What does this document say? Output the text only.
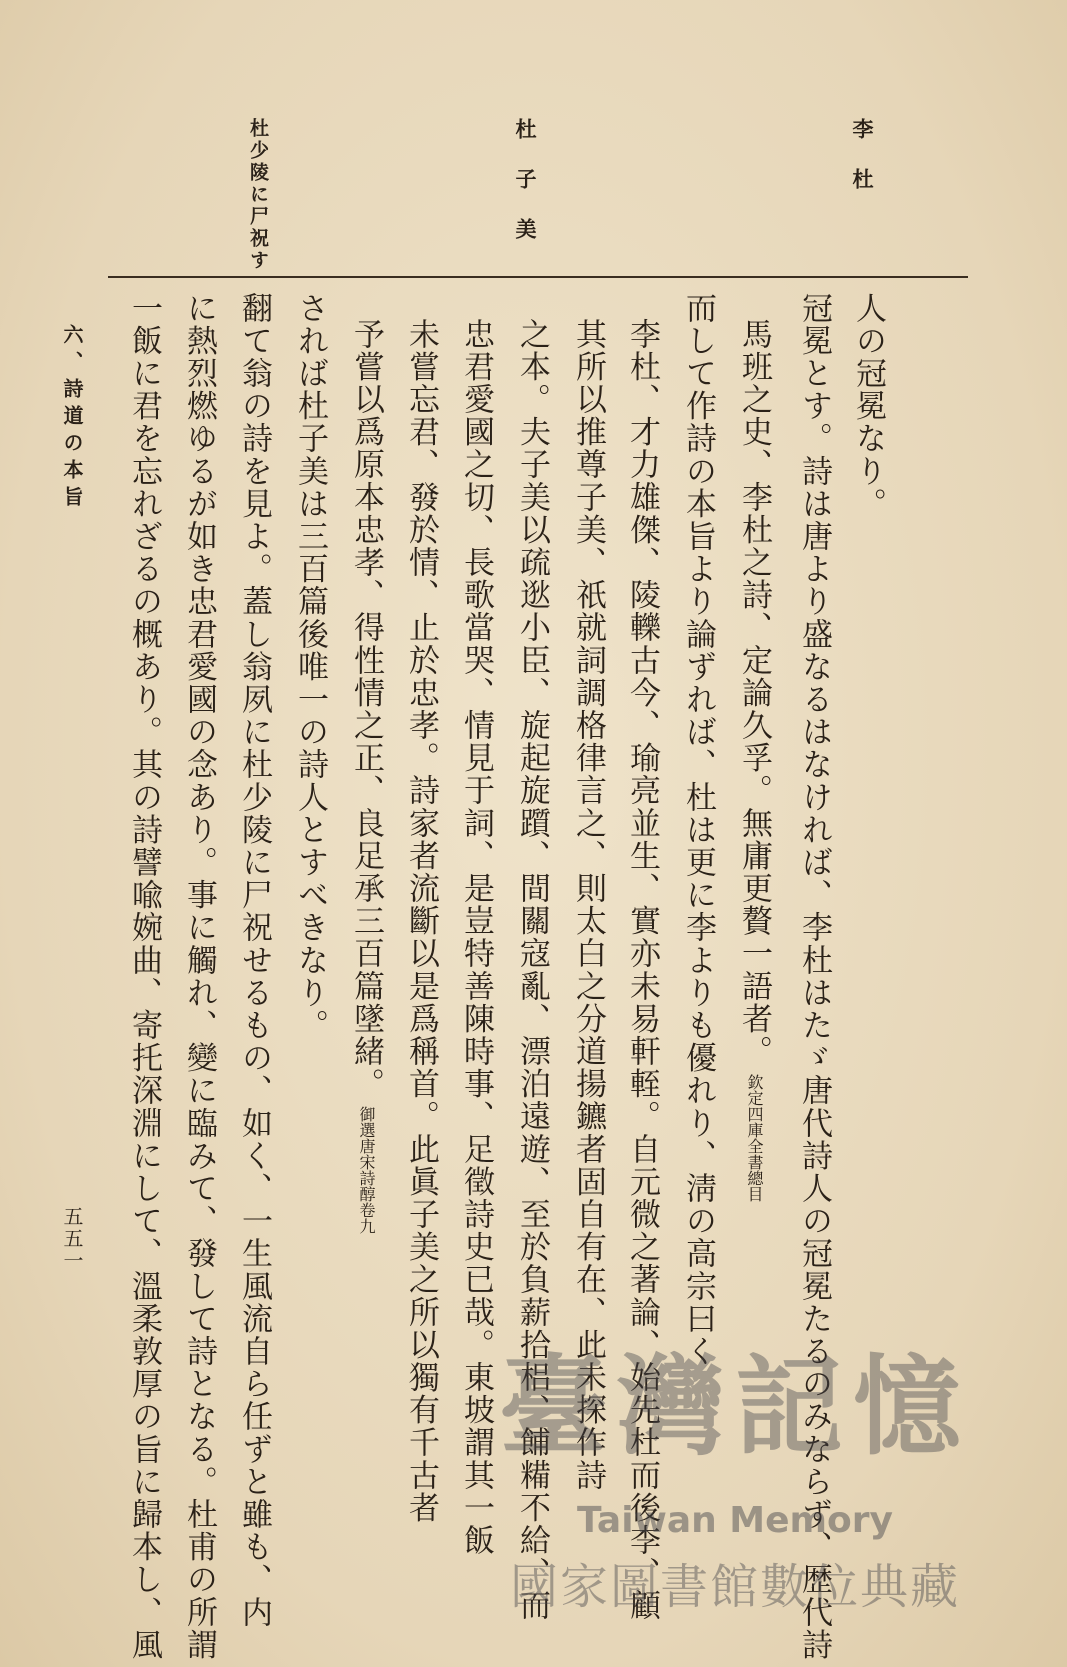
李　杜
杜　子　美
杜少陵に尸祝す
人の冠冕なり。
冠冕とす。詩は唐より盛なるはなければ、李杜はたゞ唐代詩人の冠冕たるのみならず、歴代詩
馬班之史、李杜之詩、定論久孚。無庸更贅一語者。欽定四庫全書總目
而して作詩の本旨より論ずれば、杜は更に李よりも優れり、淸の高宗曰く
李杜、才力雄傑、陵轢古今、瑜亮並生、實亦未易軒輊。自元微之著論、始先杜而後李、顧
其所以推尊子美、祇就詞調格律言之、則太白之分道揚鑣者固自有在、此未探作詩
之本。夫子美以疏逖小臣、旋起旋躓、間關寇亂、漂泊遠遊、至於負薪拾梠、餔糒不給、而
忠君愛國之切、長歌當哭、情見于詞、是豈特善陳時事、足徵詩史已哉。東坡謂其一飯
未嘗忘君、發於情、止於忠孝。詩家者流斷以是爲稱首。此眞子美之所以獨有千古者
予嘗以爲原本忠孝、得性情之正、良足承三百篇墜緒。御選唐宋詩醇卷九
されば杜子美は三百篇後唯一の詩人とすべきなり。
翻て翁の詩を見よ。蓋し翁夙に杜少陵に尸祝せるもの、如く、一生風流自ら任ずと雖も、内
に熱烈燃ゆるが如き忠君愛國の念あり。事に觸れ、變に臨みて、發して詩となる。杜甫の所謂
一飯に君を忘れざるの概あり。其の詩譬喩婉曲、寄托深淵にして、溫柔敦厚の旨に歸本し、風
六、詩道の本旨
五五一
臺灣記憶
Taiwan Memory
國家圖書館數位典藏
